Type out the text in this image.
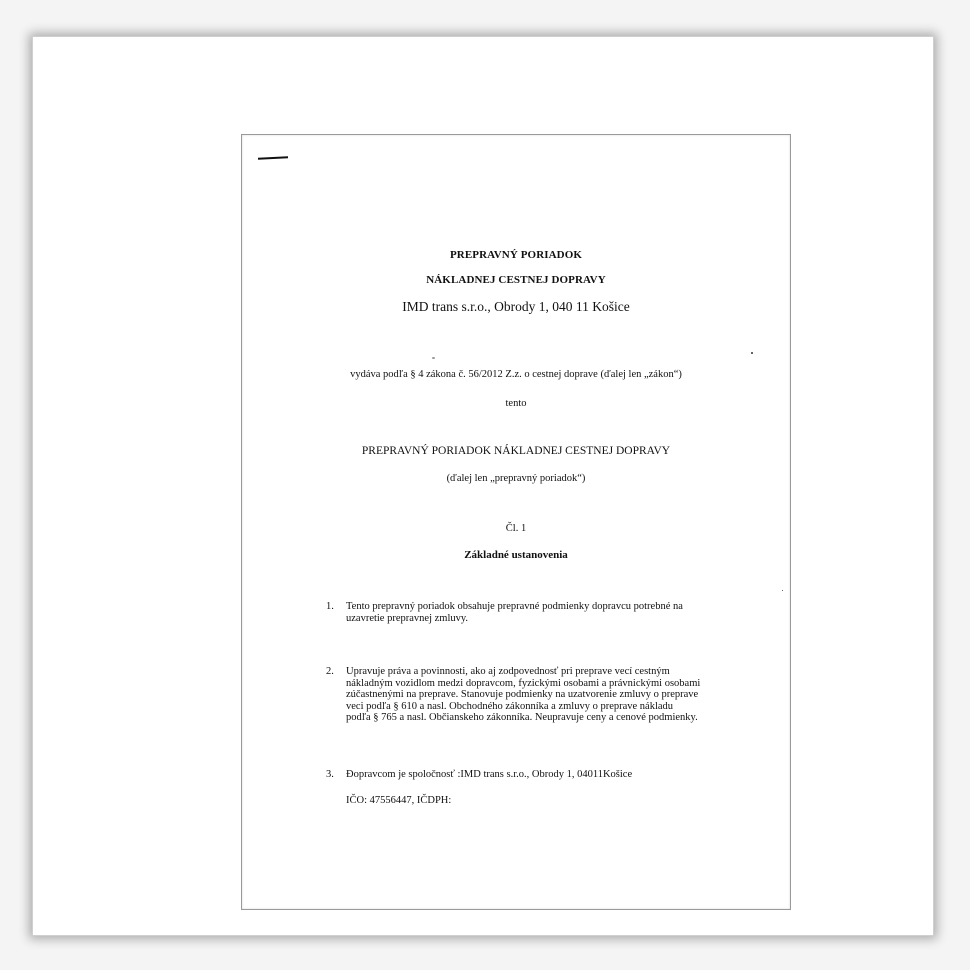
PREPRAVNÝ PORIADOK
NÁKLADNEJ CESTNEJ DOPRAVY
IMD trans s.r.o., Obrody 1, 040 11 Košice
vydáva podľa § 4 zákona č. 56/2012 Z.z. o cestnej doprave (ďalej len „zákon“)
tento
PREPRAVNÝ PORIADOK NÁKLADNEJ CESTNEJ DOPRAVY
(ďalej len „prepravný poriadok“)
Čl. 1
Základné ustanovenia
1. Tento prepravný poriadok obsahuje prepravné podmienky dopravcu potrebné na
uzavretie prepravnej zmluvy.
2. Upravuje práva a povinnosti, ako aj zodpovednosť pri preprave vecí cestným
nákladným vozidlom medzi dopravcom, fyzickými osobami a právnickými osobami
zúčastnenými na preprave. Stanovuje podmienky na uzatvorenie zmluvy o preprave
veci podľa § 610 a nasl. Obchodného zákonníka a zmluvy o preprave nákladu
podľa § 765 a nasl. Občianskeho zákonníka. Neupravuje ceny a cenové podmienky.
3. Ðopravcom je spoločnosť :IMD trans s.r.o., Obrody 1, 04011Košice
IČO: 47556447, IČDPH:
